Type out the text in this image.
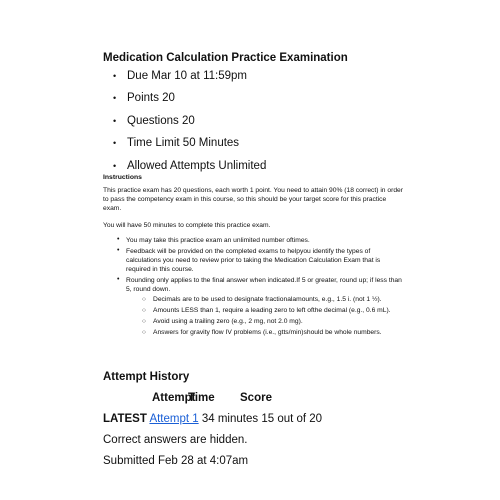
Medication Calculation Practice Examination
• Due Mar 10 at 11:59pm
• Points 20
• Questions 20
• Time Limit 50 Minutes
• Allowed Attempts Unlimited
Instructions

This practice exam has 20 questions, each worth 1 point. You need to attain 90% (18 correct) in order to pass the competency exam in this course, so this should be your target score for this practice exam.

You will have 50 minutes to complete this practice exam.

• You may take this practice exam an unlimited number oftimes.
• Feedback will be provided on the completed exams to helpyou identify the types of calculations you need to review prior to taking the Medication Calculation Exam that is required in this course.
• Rounding only applies to the final answer when indicated.If 5 or greater, round up; if less than 5, round down.
○ Decimals are to be used to designate fractionalamounts, e.g., 1.5 i. (not 1 ½).
○ Amounts LESS than 1, require a leading zero to left ofthe decimal (e.g., 0.6 mL).
○ Avoid using a trailing zero (e.g., 2 mg, not 2.0 mg).
○ Answers for gravity flow IV problems (i.e., gtts/min)should be whole numbers.
Attempt History
Attempt
Time Score
LATEST Attempt 1 34 minutes 15 out of 20
Correct answers are hidden.
Submitted Feb 28 at 4:07am
